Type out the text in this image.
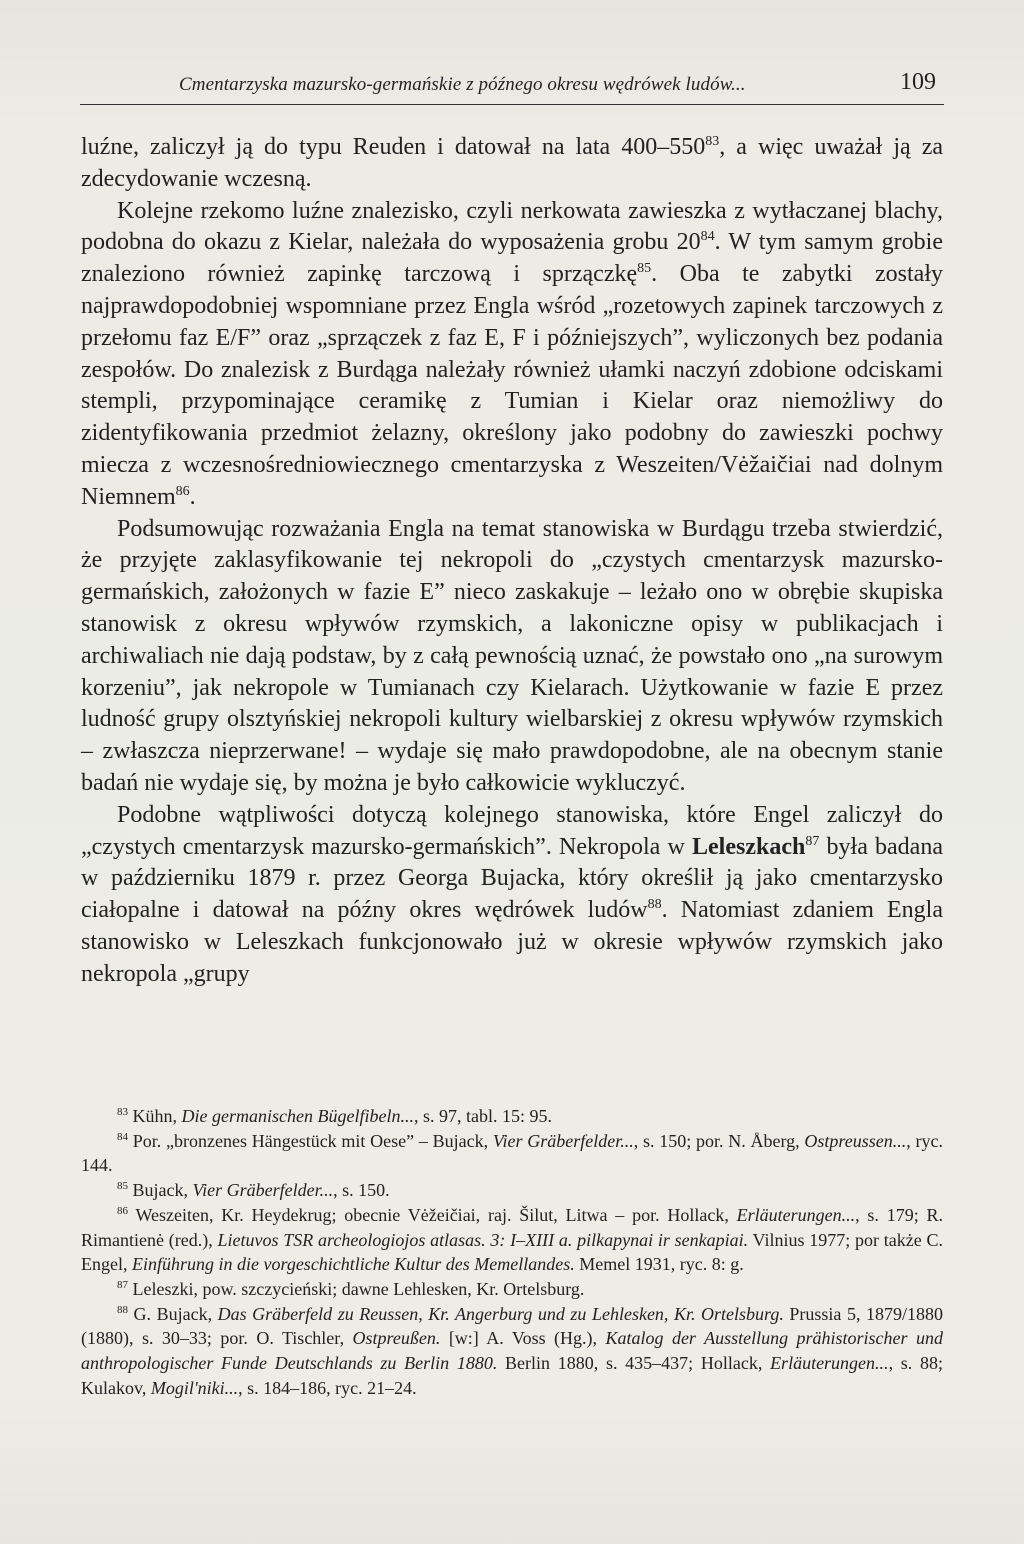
Cmentarzyska mazursko-germańskie z późnego okresu wędrówek ludów...	109

luźne, zaliczył ją do typu Reuden i datował na lata $400-550^{83}$, a więc uważał ją za zdecydowanie wczesną.

Kolejne rzekomo luźne znalezisko, czyli nerkowata zawieszka z wytłaczanej blachy, podobna do okazu z Kielar, należała do wyposażenia grobu $20^{84}$. W tym samym grobie znaleziono również zapinkę tarczową i sprzączkę$^{85}$. Oba te zabytki zostały najprawdopodobniej wspomniane przez Engla wśród „rozetowych zapinek tarczowych z przełomu faz E/F” oraz „sprzączek z faz E, F i późniejszych”, wyliczonych bez podania zespołów. Do znalezisk z Burdąga należały również ułamki naczyń zdobione odciskami stempli, przypominające ceramikę z Tumian i Kielar oraz niemożliwy do zidentyfikowania przedmiot żelazny, określony jako podobny do zawieszki pochwy miecza z wczesnośredniowiecznego cmentarzyska z Weszeiten/Vėžaičiai nad dolnym Niemnem$^{86}$.

Podsumowując rozważania Engla na temat stanowiska w Burdągu trzeba stwierdzić, że przyjęte zaklasyfikowanie tej nekropoli do „czystych cmentarzysk mazursko-germańskich, założonych w fazie E” nieco zaskakuje – leżało ono w obrębie skupiska stanowisk z okresu wpływów rzymskich, a lakoniczne opisy w publikacjach i archiwaliach nie dają podstaw, by z całą pewnością uznać, że powstało ono „na surowym korzeniu”, jak nekropole w Tumianach czy Kielarach. Użytkowanie w fazie E przez ludność grupy olsztyńskiej nekropoli kultury wielbarskiej z okresu wpływów rzymskich – zwłaszcza nieprzerwane! – wydaje się mało prawdopodobne, ale na obecnym stanie badań nie wydaje się, by można je było całkowicie wykluczyć.

Podobne wątpliwości dotyczą kolejnego stanowiska, które Engel zaliczył do „czystych cmentarzysk mazursko-germańskich”. Nekropola w Leleszkach$^{87}$ była badana w październiku 1879 r. przez Georga Bujacka, który określił ją jako cmentarzysko ciałopalne i datował na późny okres wędrówek ludów$^{88}$. Natomiast zdaniem Engla stanowisko w Leleszkach funkcjonowało już w okresie wpływów rzymskich jako nekropola „grupy

$^{83}$ Kühn, Die germanischen Bügelfibeln..., s. 97, tabl. 15: 95.

$^{84}$ Por. „bronzenes Hängestück mit Oese” – Bujack, Vier Gräberfelder..., s. 150; por. N. Åberg, Ostpreussen..., ryc. 144.

$^{85}$ Bujack, Vier Gräberfelder..., s. 150.

$^{86}$ Weszeiten, Kr. Heydekrug; obecnie Vėžeičiai, raj. Šilut, Litwa – por. Hollack, Erläuterungen..., s. 179; R. Rimantienė (red.), Lietuvos TSR archeologiojos atlasas. 3: I–XIII a. pilkapynai ir senkapiai. Vilnius 1977; por także C. Engel, Einführung in die vorgeschichtliche Kultur des Memellandes. Memel 1931, ryc. 8: g.

$^{87}$ Leleszki, pow. szczycieński; dawne Lehlesken, Kr. Ortelsburg.

$^{88}$ G. Bujack, Das Gräberfeld zu Reussen, Kr. Angerburg und zu Lehlesken, Kr. Ortelsburg. Prussia 5, 1879/1880 (1880), s. 30–33; por. O. Tischler, Ostpreußen. [w:] A. Voss (Hg.), Katalog der Ausstellung prähistorischer und anthropologischer Funde Deutschlands zu Berlin 1880. Berlin 1880, s. 435–437; Hollack, Erläuterungen..., s. 88; Kulakov, Mogil'niki..., s. 184–186, ryc. 21–24.
